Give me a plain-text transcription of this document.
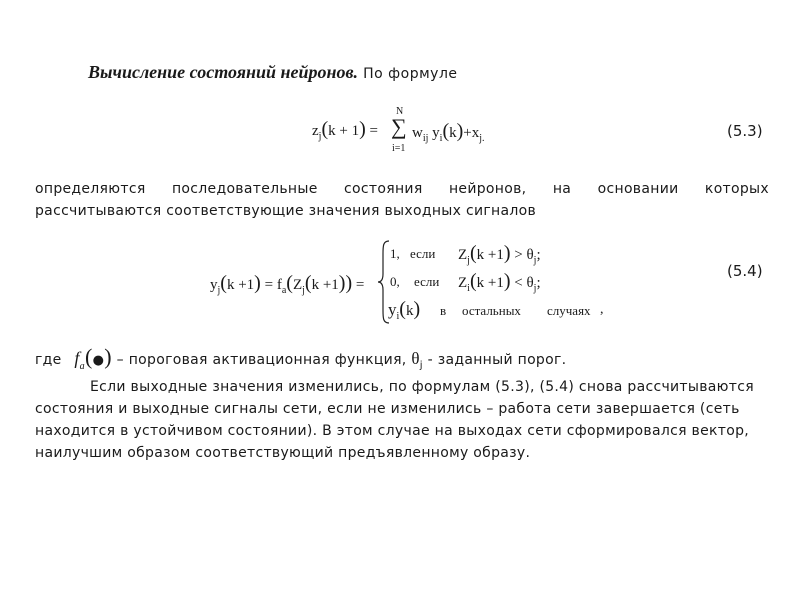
Вычисление состояний нейронов. По формуле
$z_j(k + 1)$ =
N
∑
i=1
$w_{ij}$ $y_i(k)+x_{j.}$	(5.3)
определяются последовательные состояния нейронов, на основании которых
рассчитываются соответствующие значения выходных сигналов
$y_j(k +1) = f_a(Z_j(k +1))$ =
1, если $Z_j(k +1) > \theta_j$;
0, если $Z_i(k +1) < \theta_j$;
$y_i(k)$ в остальных случаях ,
(5.4)
где $f_a(●)$ – пороговая активационная функция, $\theta_j$ - заданный порог.
Если выходные значения изменились, по формулам (5.3), (5.4) снова рассчитываются
состояния и выходные сигналы сети, если не изменились – работа сети завершается (сеть
находится в устойчивом состоянии). В этом случае на выходах сети сформировался вектор,
наилучшим образом соответствующий предъявленному образу.
